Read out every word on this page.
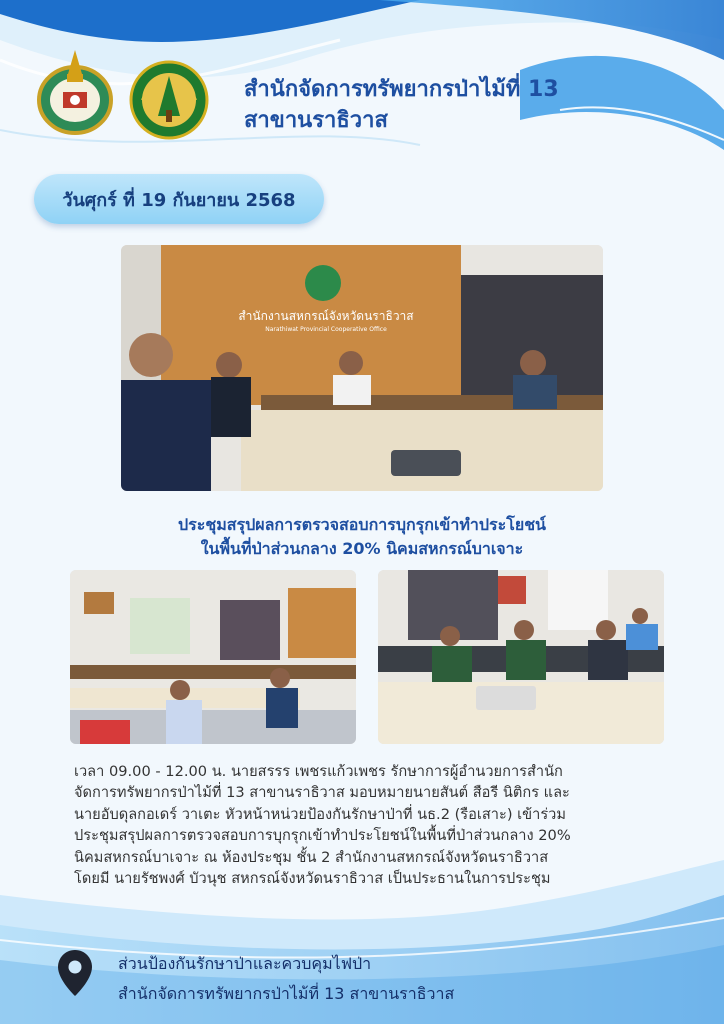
สำนักจัดการทรัพยากรป่าไม้ที่ 13
สาขานราธิวาส
วันศุกร์ ที่ 19 กันยายน 2568
สำนักงานสหกรณ์จังหวัดนราธิวาส
Narathiwat Provincial Cooperative Office
ประชุมสรุปผลการตรวจสอบการบุกรุกเข้าทำประโยชน์
ในพื้นที่ป่าส่วนกลาง 20% นิคมสหกรณ์บาเจาะ
เวลา 09.00 - 12.00 น. นายสรรร เพชรแก้วเพชร รักษาการผู้อำนวยการสำนัก
จัดการทรัพยากรป่าไม้ที่ 13 สาขานราธิวาส มอบหมายนายสันต์ สือรี นิติกร และ
นายอับดุลกอเดร์ วาเตะ หัวหน้าหน่วยป้องกันรักษาป่าที่ นธ.2 (รือเสาะ) เข้าร่วม
ประชุมสรุปผลการตรวจสอบการบุกรุกเข้าทำประโยชน์ในพื้นที่ป่าส่วนกลาง 20%
นิคมสหกรณ์บาเจาะ ณ ห้องประชุม ชั้น 2 สำนักงานสหกรณ์จังหวัดนราธิวาส
โดยมี นายรัชพงศ์ บัวนุช สหกรณ์จังหวัดนราธิวาส เป็นประธานในการประชุม
ส่วนป้องกันรักษาป่าและควบคุมไฟป่า
สำนักจัดการทรัพยากรป่าไม้ที่ 13 สาขานราธิวาส
